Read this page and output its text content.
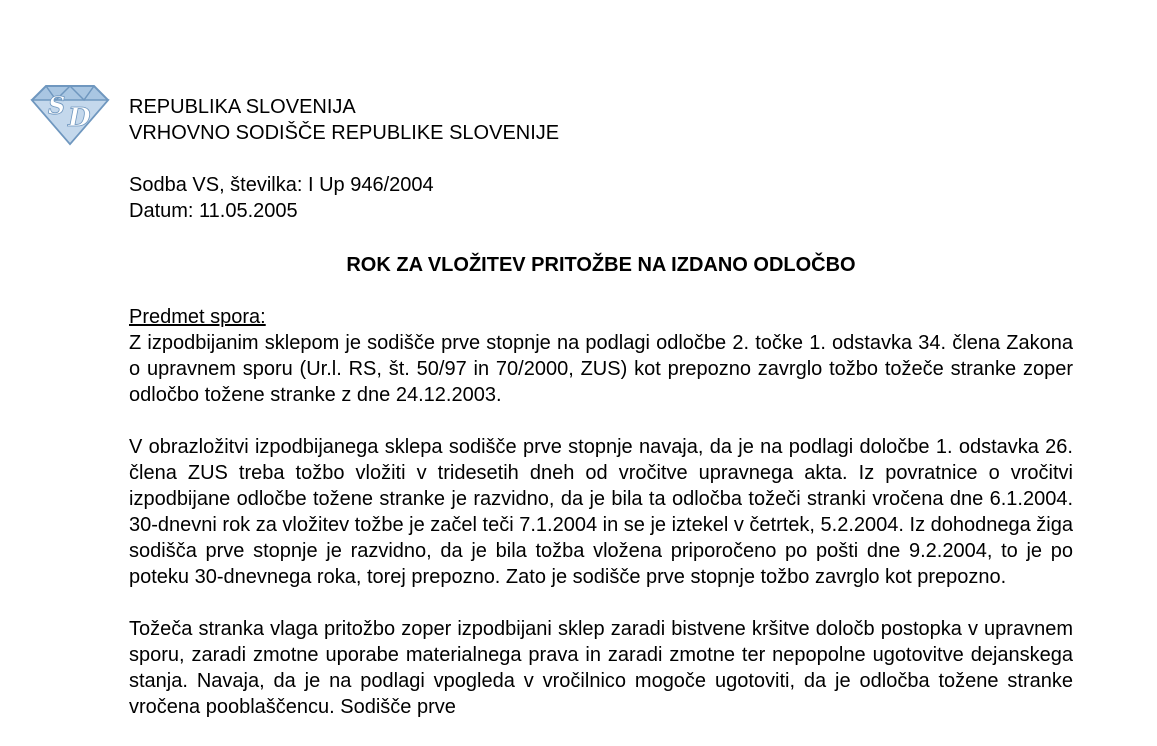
S D REPUBLIKA SLOVENIJA
VRHOVNO SODIŠČE REPUBLIKE SLOVENIJE
Sodba VS, številka: I Up 946/2004
Datum: 11.05.2005
ROK ZA VLOŽITEV PRITOŽBE NA IZDANO ODLOČBO

Predmet spora:
Z izpodbijanim sklepom je sodišče prve stopnje na podlagi odločbe 2. točke 1. odstavka 34. člena Zakona o upravnem sporu (Ur.l. RS, št. 50/97 in 70/2000, ZUS) kot prepozno zavrglo tožbo tožeče stranke zoper odločbo tožene stranke z dne 24.12.2003.

V obrazložitvi izpodbijanega sklepa sodišče prve stopnje navaja, da je na podlagi določbe 1. odstavka 26. člena ZUS treba tožbo vložiti v tridesetih dneh od vročitve upravnega akta. Iz povratnice o vročitvi izpodbijane odločbe tožene stranke je razvidno, da je bila ta odločba tožeči stranki vročena dne 6.1.2004. 30-dnevni rok za vložitev tožbe je začel teči 7.1.2004 in se je iztekel v četrtek, 5.2.2004. Iz dohodnega žiga sodišča prve stopnje je razvidno, da je bila tožba vložena priporočeno po pošti dne 9.2.2004, to je po poteku 30-dnevnega roka, torej prepozno. Zato je sodišče prve stopnje tožbo zavrglo kot prepozno.

Tožeča stranka vlaga pritožbo zoper izpodbijani sklep zaradi bistvene kršitve določb postopka v upravnem sporu, zaradi zmotne uporabe materialnega prava in zaradi zmotne ter nepopolne ugotovitve dejanskega stanja. Navaja, da je na podlagi vpogleda v vročilnico mogoče ugotoviti, da je odločba tožene stranke vročena pooblaščencu. Sodišče prve
